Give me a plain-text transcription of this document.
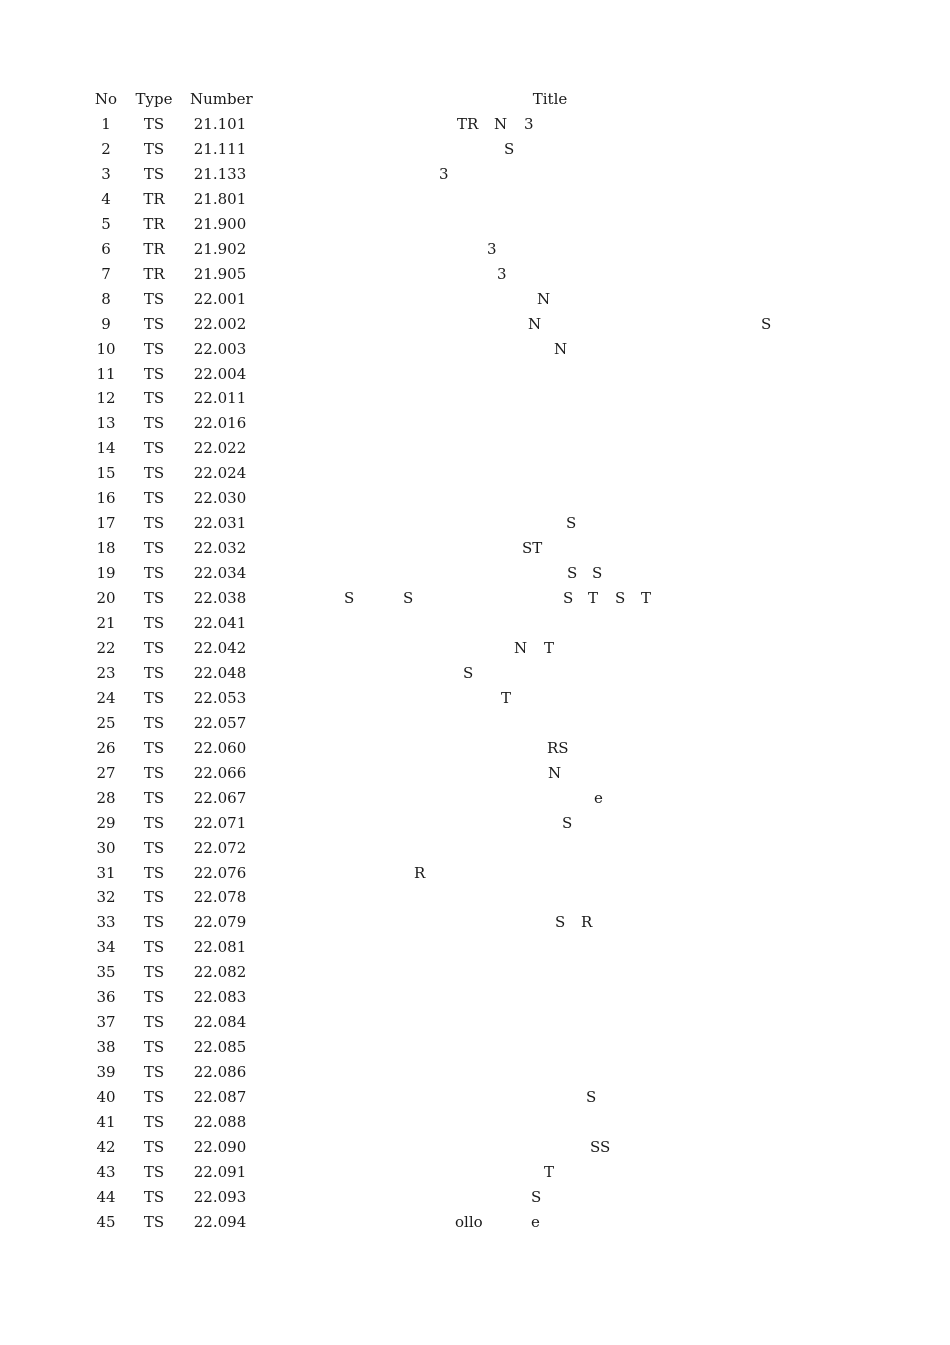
No	Type Number	Title
1	TS	21.101	TR N 3
2	TS	21.111	S
3	TS	21.133	3
4	TR	21.801
5	TR	21.900
6	TR	21.902	3
7	TR	21.905	3
8	TS	22.001	N
9	TS	22.002	N	S
10	TS	22.003	N
11	TS	22.004
12	TS	22.011
13	TS	22.016
14	TS	22.022
15	TS	22.024
16	TS	22.030
17	TS	22.031	S
18	TS	22.032	ST
19	TS	22.034	S S
20	TS	22.038	S	S	S T S T
21	TS	22.041
22	TS	22.042	N T
23	TS	22.048	S
24	TS	22.053	T
25	TS	22.057
26	TS	22.060	RS
27	TS	22.066	N
28	TS	22.067	e
29	TS	22.071	S
30	TS	22.072
31	TS	22.076	R
32	TS	22.078
33	TS	22.079	S R
34	TS	22.081
35	TS	22.082
36	TS	22.083
37	TS	22.084
38	TS	22.085
39	TS	22.086
40	TS	22.087	S
41	TS	22.088
42	TS	22.090	SS
43	TS	22.091	T
44	TS	22.093	S
45	TS	22.094	ollo	e
